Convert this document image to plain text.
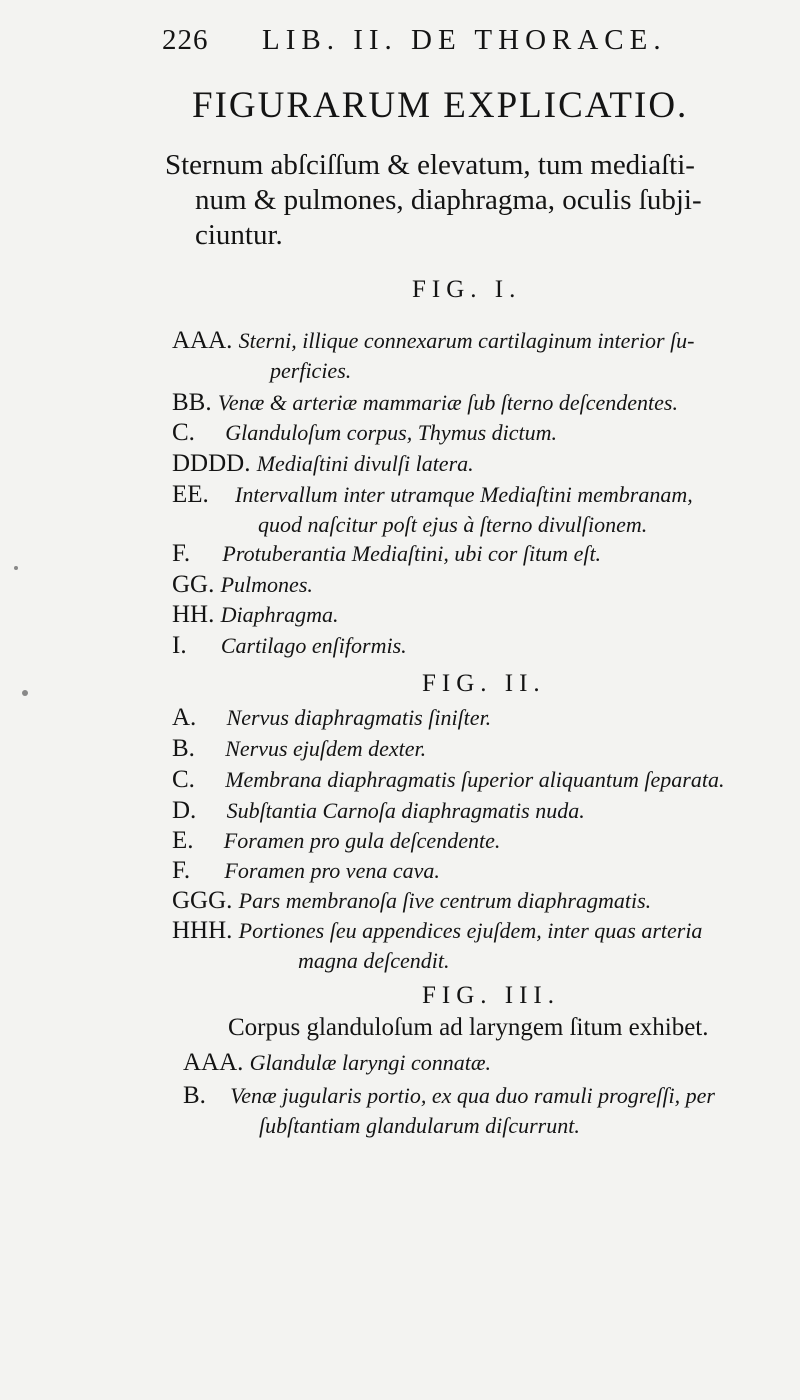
226 LIB. II. DE THORACE.
FIGURARUM EXPLICATIO.
Sternum abſciſſum & elevatum, tum mediaſti-
num & pulmones, diaphragma, oculis ſubji-
ciuntur.
FIG. I.
AAA. Sterni, illique connexarum cartilaginum interior ſu-
perficies.
BB. Venæ & arteriæ mammariæ ſub ſterno deſcendentes.
C. Glanduloſum corpus, Thymus dictum.
DDDD. Mediaſtini divulſi latera.
EE. Intervallum inter utramque Mediaſtini membranam,
quod naſcitur poſt ejus à ſterno divulſionem.
F. Protuberantia Mediaſtini, ubi cor ſitum eſt.
GG. Pulmones.
HH. Diaphragma.
I. Cartilago enſiformis.
FIG. II.
A. Nervus diaphragmatis ſiniſter.
B. Nervus ejuſdem dexter.
C. Membrana diaphragmatis ſuperior aliquantum ſeparata.
D. Subſtantia Carnoſa diaphragmatis nuda.
E. Foramen pro gula deſcendente.
F. Foramen pro vena cava.
GGG. Pars membranoſa ſive centrum diaphragmatis.
HHH. Portiones ſeu appendices ejuſdem, inter quas arteria
magna deſcendit.
FIG. III.
Corpus glanduloſum ad laryngem ſitum exhibet.
AAA. Glandulæ laryngi connatæ.
B. Venæ jugularis portio, ex qua duo ramuli progreſſi, per
ſubſtantiam glandularum diſcurrunt.
